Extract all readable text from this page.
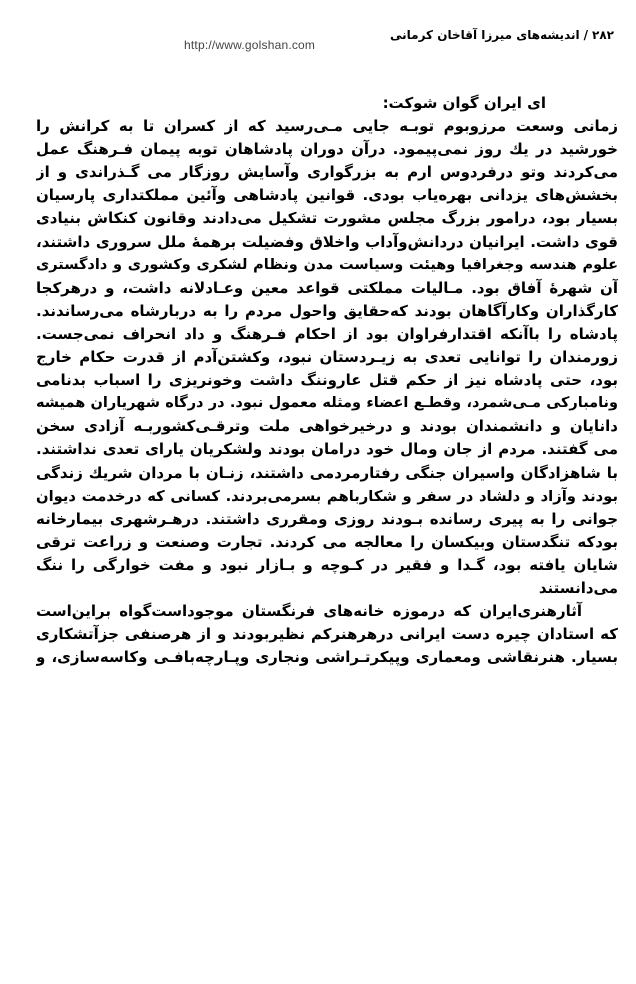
http://www.golshan.com
۲۸۲/اندیشه‌های میرزا آقاخان کرمانی
ای ایران گوان شوکت:
زمانی وسعت مرزوبوم توبـه جایی مـی‌رسید که از کسران تا به کرانش را
خورشید در یك روز نمی‌پیمود. درآن دوران پادشاهان توبه پیمان فـرهنگ عمل
می‌کردند وتو درفردوس ارم به بزرگواری وآسایش روزگار می گـذراندی و از
بخشش‌های یزدانی بهره‌یاب بودی. قوانین پادشاهی وآئین مملکتداری پارسیان
بسیار بود، درامور بزرگ مجلس مشورت تشکیل می‌دادند وقانون کنکاش بنیادی
قوی داشت. ایرانیان دردانش‌وآداب واخلاق وفضیلت برهمهٔ ملل سروری داشتند،
علوم هندسه وجغرافیا وهیئت وسیاست مدن ونظام لشکری وکشوری و دادگستری
آن شهرهٔ آفاق بود. مـالیات مملکتی قواعد معین وعـادلانه داشت، و درهرکجا
کارگذاران وکارآگاهان بودند که‌حقایق واحول مردم را به دربارشاه می‌رساندند.
پادشاه را باآنکه اقتدارفراوان بود از احکام فـرهنگ و داد انحراف نمی‌جست.
زورمندان را توانایی تعدی به زیـردستان نبود، وکشتن‌آدم از قدرت حکام خارج
بود، حتی پادشاه نیز از حکم قتل عاروننگ داشت وخونریزی را اسباب بدنامی
ونامبارکی مـی‌شمرد، وقطـع اعضاء ومثله معمول نبود. در درگاه شهریاران همیشه
دانایان و دانشمندان بودند و درخیرخواهی ملت وترقـی‌کشوربـه آزادی سخن
می گفتند. مردم از جان ومال خود درامان بودند ولشکریان یارای تعدی نداشتند.
با شاهزادگان واسیران جنگی رفتارمردمی داشتند، زنـان با مردان شریك زندگی
بودند وآزاد و دلشاد در سفر و شکارباهم بسرمی‌بردند. کسانی که درخدمت دیوان
جوانی را به پیری رسانده بـودند روزی ومقرری داشتند. درهـرشهری بیمارخانه
بودکه تنگدستان وبیکسان را معالجه می کردند. تجارت وصنعت و زراعت ترقی
شایان یافته بود، گـدا و فقیر در کـوچه و بـازار نبود و مفت خوارگی را ننگ
می‌دانستند
آثارهنری‌ایران که درموزه خانه‌های فرنگستان موجوداست‌گواه براین‌است
که استادان چیره دست ایرانی درهرهنرکم نظیربودند و از هرصنفی جزآتشکاری
بسیار. هنرنقاشی ومعماری وپیکرتـراشی ونجاری وپـارچه‌بافـی وکاسه‌سازی، و
